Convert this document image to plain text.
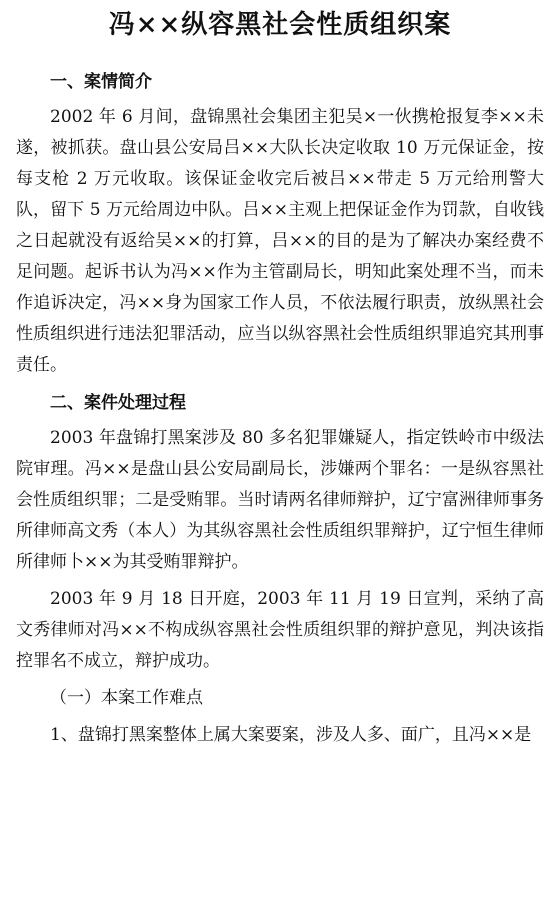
冯××纵容黑社会性质组织案
一、案情简介

2002 年 6 月间，盘锦黑社会集团主犯吴×一伙携枪报复李××未遂，被抓获。盘山县公安局吕××大队长决定收取 10 万元保证金，按每支枪 2 万元收取。该保证金收完后被吕××带走 5 万元给刑警大队，留下 5 万元给周边中队。吕××主观上把保证金作为罚款，自收钱之日起就没有返给吴××的打算，吕××的目的是为了解决办案经费不足问题。起诉书认为冯××作为主管副局长，明知此案处理不当，而未作追诉决定，冯××身为国家工作人员，不依法履行职责，放纵黑社会性质组织进行违法犯罪活动，应当以纵容黑社会性质组织罪追究其刑事责任。

二、案件处理过程

2003 年盘锦打黑案涉及 80 多名犯罪嫌疑人，指定铁岭市中级法院审理。冯××是盘山县公安局副局长，涉嫌两个罪名：一是纵容黑社会性质组织罪；二是受贿罪。当时请两名律师辩护，辽宁富洲律师事务所律师高文秀（本人）为其纵容黑社会性质组织罪辩护，辽宁恒生律师所律师卜××为其受贿罪辩护。

2003 年 9 月 18 日开庭，2003 年 11 月 19 日宣判，采纳了高文秀律师对冯××不构成纵容黑社会性质组织罪的辩护意见，判决该指控罪名不成立，辩护成功。

（一）本案工作难点

1、盘锦打黑案整体上属大案要案，涉及人多、面广，且冯××是
